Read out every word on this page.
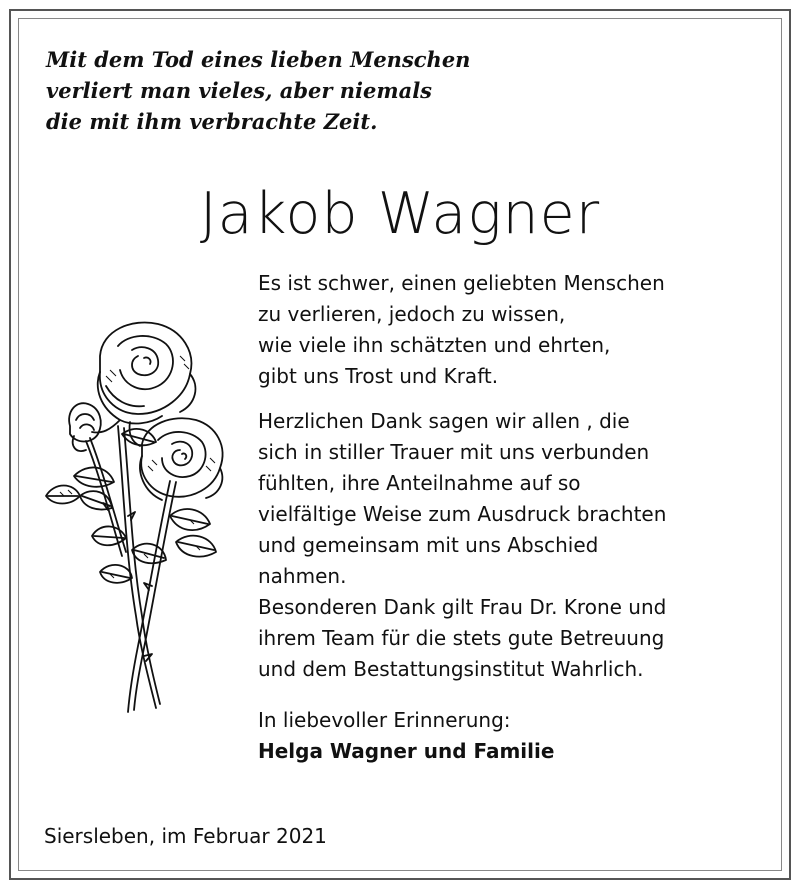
Mit dem Tod eines lieben Menschen
verliert man vieles, aber niemals
die mit ihm verbrachte Zeit.
Jakob Wagner
Es ist schwer, einen geliebten Menschen
zu verlieren, jedoch zu wissen,
wie viele ihn schätzten und ehrten,
gibt uns Trost und Kraft.
Herzlichen Dank sagen wir allen , die
sich in stiller Trauer mit uns verbunden
fühlten, ihre Anteilnahme auf so
vielfältige Weise zum Ausdruck brachten
und gemeinsam mit uns Abschied
nahmen.
Besonderen Dank gilt Frau Dr. Krone und
ihrem Team für die stets gute Betreuung
und dem Bestattungsinstitut Wahrlich.
In liebevoller Erinnerung:
Helga Wagner und Familie
Siersleben, im Februar 2021
